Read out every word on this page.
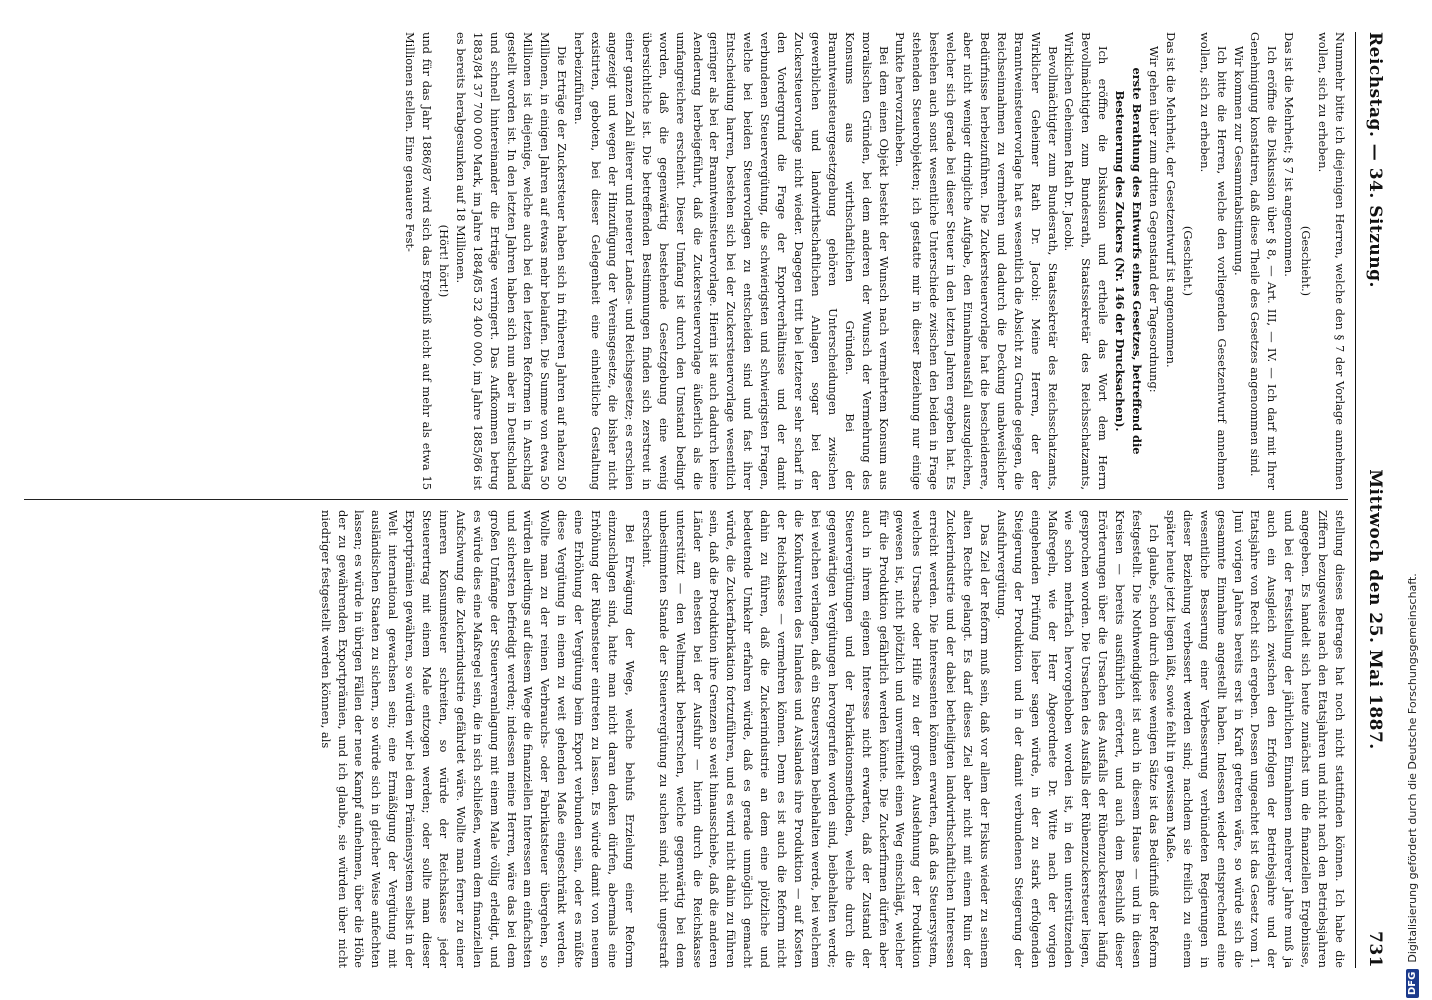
Reichstag. — 34. Sitzung.
Mittwoch den 25. Mai 1887.
731

Nummehr bitte ich diejenigen Herren, welche den § 7 der Vorlage annehmen wollen, sich zu erheben.

(Geschieht.)

Das ist die Mehrheit; § 7 ist angenommen.

Ich eröffne die Diskussion über § 8, — Art. III, — IV. — Ich darf mit Ihrer Genehmigung konstatiren, daß diese Theile des Gesetzes angenommen sind.

Wir kommen zur Gesammtabstimmung.

Ich bitte die Herren, welche den vorliegenden Gesetzentwurf annehmen wollen, sich zu erheben.

(Geschieht.)

Das ist die Mehrheit, der Gesetzentwurf ist angenommen.

Wir gehen über zum dritten Gegenstand der Tagesordnung:

erste Berathung des Entwurfs eines Gesetzes, betreffend die Besteuerung des Zuckers (Nr. 146 der Drucksachen).

Ich eröffne die Diskussion und ertheile das Wort dem Herrn Bevollmächtigten zum Bundesrath, Staatssekretär des Reichsschatzamts, Wirklichen Geheimen Rath Dr. Jacobi.

Bevollmächtigter zum Bundesrath, Staatssekretär des Reichsschatzamts, Wirklicher Geheimer Rath Dr. Jacobi: Meine Herren, der der Branntweinsteuervorlage hat es wesentlich die Absicht zu Grunde gelegen, die Reichseinnahmen zu vermehren und dadurch die Deckung unabweislicher Bedürfnisse herbeizuführen. Die Zuckersteuervorlage hat die bescheidenere, aber nicht weniger dringliche Aufgabe, den Einnahmeausfall auszugleichen, welcher sich gerade bei dieser Steuer in den letzten Jahren ergeben hat. Es bestehen auch sonst wesentliche Unterschiede zwischen den beiden in Frage stehenden Steuerobjekten; ich gestatte mir in dieser Beziehung nur einige Punkte hervorzuheben.

Bei dem einen Objekt besteht der Wunsch nach vermehrtem Konsum aus moralischen Gründen, bei dem anderen der Wunsch der Vermehrung des Konsums aus wirthschaftlichen Gründen. Bei der Branntweinsteuergesetzgebung gehören Unterscheidungen zwischen gewerblichen und landwirthschaftlichen Anlagen sogar bei der Zuckersteuervorlage nicht wieder. Dagegen tritt bei letzterer sehr scharf in den Vordergrund die Frage der Exportverhältnisse und der damit verbundenen Steuervergütung, die schwierigsten und schwierigsten Fragen, welche bei beiden Steuervorlagen zu entscheiden sind und fast ihrer Entscheidung harren, bestehen sich bei der Zuckersteuervorlage wesentlich geringer als bei der Branntweinsteuervorlage. Hierin ist auch dadurch keine Aenderung herbeigeführt, daß die Zuckersteuervorlage äußerlich als die umfangreichere erscheint. Dieser Umfang ist durch den Umstand bedingt worden, daß die gegenwärtig bestehende Gesetzgebung eine wenig übersichtliche ist. Die betreffenden Bestimmungen finden sich zerstreut in einer ganzen Zahl älterer und neuerer Landes- und Reichsgesetze; es erschien angezeigt und wegen der Hinzufügung der Vereinsgesetze, die bisher nicht existirten, geboten, bei dieser Gelegenheit eine einheitliche Gestaltung herbeizuführen.

Die Erträge der Zuckersteuer haben sich in früheren Jahren auf nahezu 50 Millionen, in einigen Jahren auf etwas mehr belaufen. Die Summe von etwa 50 Millionen ist diejenige, welche auch bei den letzten Reformen in Anschlag gestellt worden ist. In den letzten Jahren haben sich nun aber in Deutschland und schnell hintereinander die Erträge verringert. Das Aufkommen betrug 1883/84 37 700 000 Mark, im Jahre 1884/85 32 400 000, im Jahre 1885/86 ist es bereits herabgesunken auf 18 Millionen.

(Hört! hört!)

und für das Jahr 1886/87 wird sich das Ergebniß nicht auf mehr als etwa 15 Millionen stellen. Eine genauere Fest-

stellung dieses Betrages hat noch nicht stattfinden können. Ich habe die Ziffern bezugsweise nach den Etatsjahren und nicht nach den Betriebsjahren angegeben. Es handelt sich heute zunächst um die finanziellen Ergebnisse, und bei der Feststellung der jährlichen Einnahmen mehrerer Jahre muß ja auch ein Ausgleich zwischen den Erfolgen der Betriebsjahre und der Etatsjahre von Recht sich ergeben. Dessen ungeachtet ist das Gesetz vom 1. Juni vorigen Jahres bereits erst in Kraft getreten wäre, so würde sich die gesammte Einnahme angestellt haben. Indessen wieder entsprechend eine wesentliche Besserung einer Verbesserung verbündeten Regierungen in dieser Beziehung verbessert werden sind; nachdem sie freilich zu einem später heute jetzt liegen läßt, sowie fehlt in gewissem Maße.

Ich glaube, schon durch diese wenigen Sätze ist das Bedürfniß der Reform festgestellt. Die Nothwendigkeit ist auch in diesem Hause — und in diesen Kreisen — bereits ausführlich erörtert, und auch dem Beschluß dieser Erörterungen über die Ursachen des Ausfalls der Rübenzuckersteuer häufig gesprochen worden. Die Ursachen des Ausfalls der Rübenzuckersteuer liegen, wie schon mehrfach hervorgehoben worden ist, in den unterstützenden Maßregeln, wie der Herr Abgeordnete Dr. Witte nach der vorigen eingehenden Prüfung lieber sagen würde, in der zu stark erfolgenden Steigerung der Produktion und in der damit verbundenen Steigerung der Ausfuhrvergütung.

Das Ziel der Reform muß sein, daß vor allem der Fiskus wieder zu seinem alten Rechte gelangt. Es darf dieses Ziel aber nicht mit einem Ruin der Zuckerindustrie und der dabei betheiligten landwirthschaftlichen Interessen erreicht werden. Die Interessenten können erwarten, daß das Steuersystem, welches Ursache oder Hilfe zu der großen Ausdehnung der Produktion gewesen ist, nicht plötzlich und unvermittelt einen Weg einschlägt, welcher für die Produktion gefährlich werden könnte. Die Zuckerfirmen dürfen aber auch in ihrem eigenen Interesse nicht erwarten, daß der Zustand der Steuervergütungen und der Fabrikationsmethoden, welche durch die gegenwärtigen Vergütungen hervorgerufen worden sind, beibehalten werde; bei welchen verlangen, daß ein Steuersystem beibehalten werde, bei welchem die Konkurrenten des Inlandes und Auslandes ihre Produktion — auf Kosten der Reichskasse — vermehren können. Denn es ist auch die Reform nicht dahin zu führen, daß die Zuckerindustrie an dem eine plötzliche und bedeutende Umkehr erfahren würde, daß es gerade unmöglich gemacht würde, die Zuckerfabrikation fortzuführen, und es wird nicht dahin zu führen sein, daß die Produktion ihre Grenzen so weit hinausschiebe, daß die anderen Länder am ehesten bei der Ausfuhr — hierin durch die Reichskasse unterstützt — den Weltmarkt beherrschen, welche gegenwärtig bei dem unbestimmten Stande der Steuervergütung zu suchen sind, nicht ungestraft erscheint.

Bei Erwägung der Wege, welche behufs Erzielung einer Reform einzuschlagen sind, hatte man nicht daran denken dürfen, abermals eine Erhöhung der Rübensteuer eintreten zu lassen. Es würde damit von neuem eine Erhöhung der Vergütung beim Export verbunden sein, oder es müßte diese Vergütung in einem zu weit gehenden Maße eingeschränkt werden. Wollte man zu der reinen Verbrauchs- oder Fabrikatsteuer übergehen, so würden allerdings auf diesem Wege die finanziellen Interessen am einfachsten und sichersten befriedigt werden; indessen meine Herren, wäre das bei dem großen Umfange der Steuerveranlagung mit einem Male völlig erledigt, und es würde dies eine Maßregel sein, die in sich schließen, wenn dem finanziellen Aufschwung die Zuckerindustrie gefährdet wäre. Wollte man ferner zu einer inneren Konsumsteuer schreiten, so würde der Reichskasse jeder Steuerertrag mit einem Male entzogen werden; oder sollte man dieser Exportprämien gewähren, so würden wir bei dem Prämiensystem selbst in der Welt international gewachsen sein; eine Ermäßigung der Vergütung mit ausländischen Staaten zu sichern, so würde sich in gleicher Weise anfechten lassen; es würde in übrigen Fällen der neue Kampf aufnehmen, über die Höhe der zu gewährenden Exportprämien, und ich glaube, sie würden über nicht niedriger festgestellt werden können, als

DFG
Digitalisierung gefördert durch die Deutsche Forschungsgemeinschaft.
